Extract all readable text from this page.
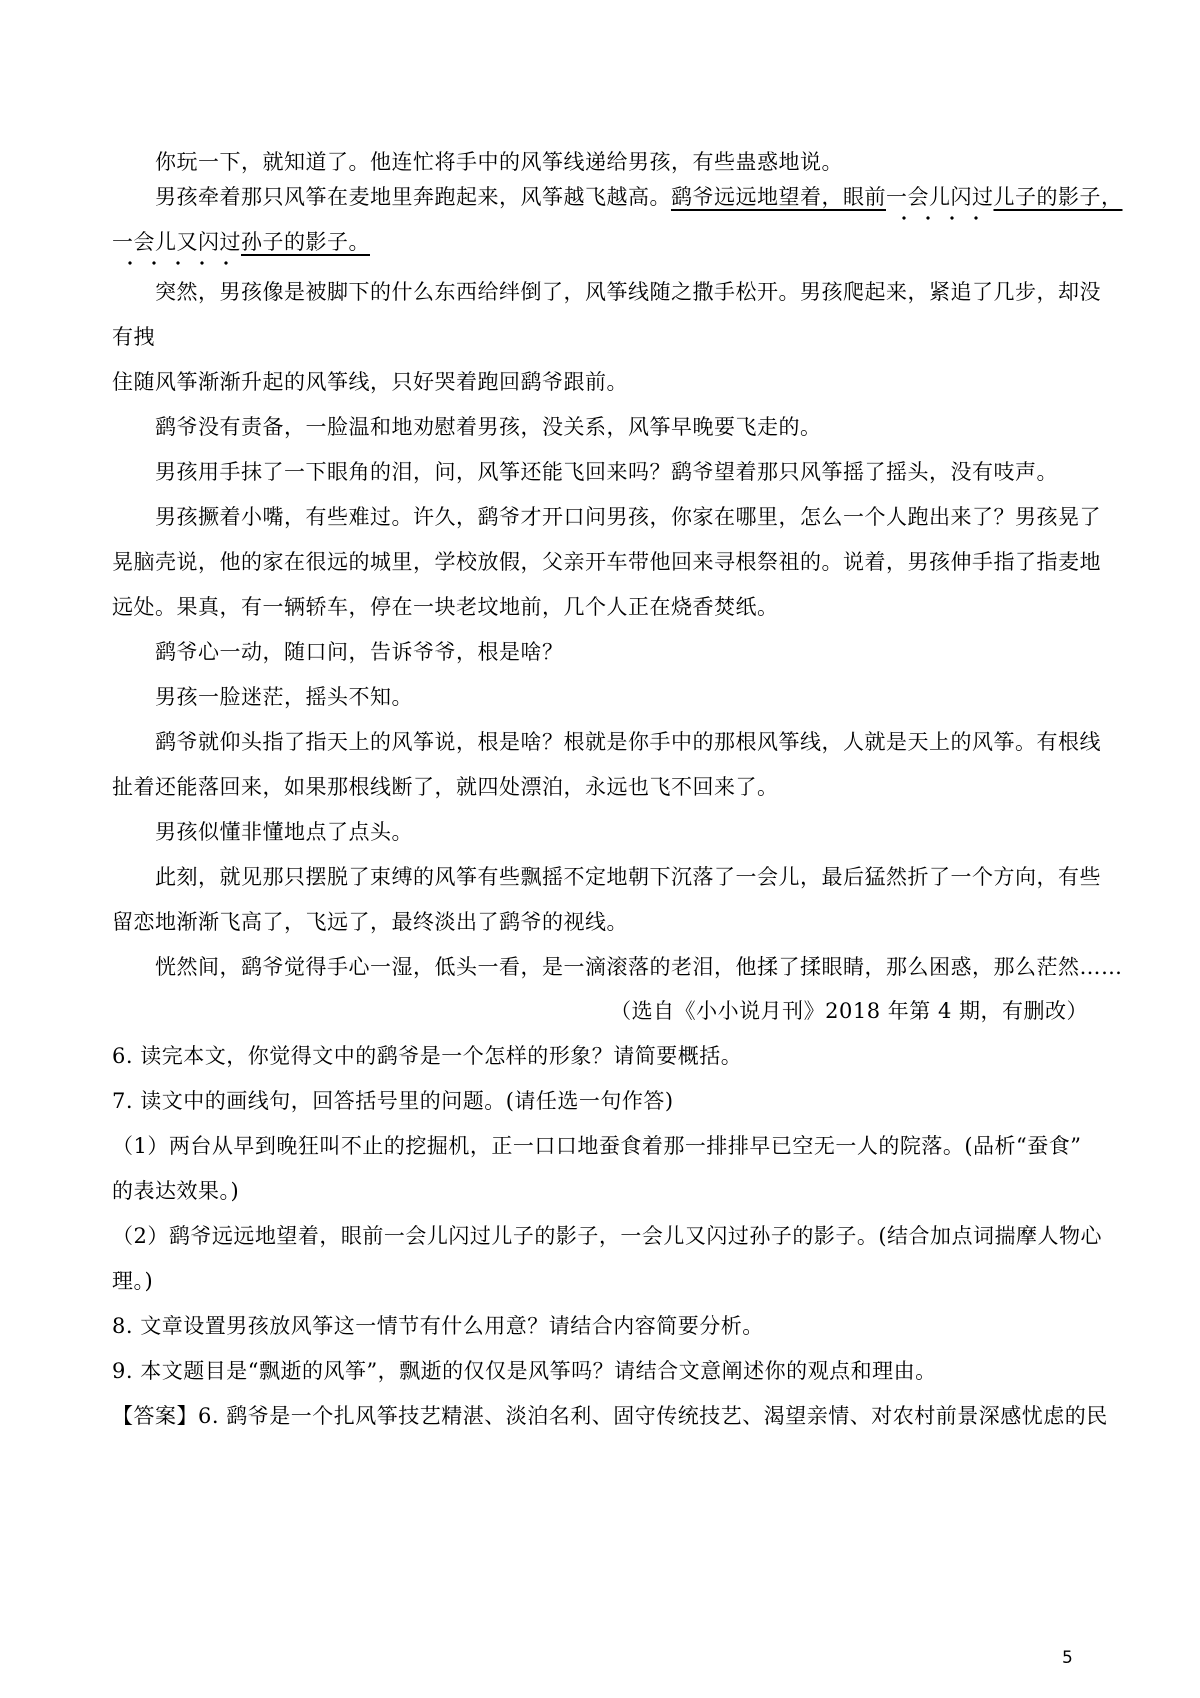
你玩一下，就知道了。他连忙将手中的风筝线递给男孩，有些蛊惑地说。
男孩牵着那只风筝在麦地里奔跑起来，风筝越飞越高。鹞爷远远地望着，眼前一会儿闪过儿子的影子，
一会儿又闪过孙子的影子。
突然，男孩像是被脚下的什么东西给绊倒了，风筝线随之撒手松开。男孩爬起来，紧追了几步，却没
有拽
住随风筝渐渐升起的风筝线，只好哭着跑回鹞爷跟前。
鹞爷没有责备，一脸温和地劝慰着男孩，没关系，风筝早晚要飞走的。
男孩用手抹了一下眼角的泪，问，风筝还能飞回来吗？鹞爷望着那只风筝摇了摇头，没有吱声。
男孩撅着小嘴，有些难过。许久，鹞爷才开口问男孩，你家在哪里，怎么一个人跑出来了？男孩晃了
晃脑壳说，他的家在很远的城里，学校放假，父亲开车带他回来寻根祭祖的。说着，男孩伸手指了指麦地
远处。果真，有一辆轿车，停在一块老坟地前，几个人正在烧香焚纸。
鹞爷心一动，随口问，告诉爷爷，根是啥？
男孩一脸迷茫，摇头不知。
鹞爷就仰头指了指天上的风筝说，根是啥？根就是你手中的那根风筝线，人就是天上的风筝。有根线
扯着还能落回来，如果那根线断了，就四处漂泊，永远也飞不回来了。
男孩似懂非懂地点了点头。
此刻，就见那只摆脱了束缚的风筝有些飘摇不定地朝下沉落了一会儿，最后猛然折了一个方向，有些
留恋地渐渐飞高了，飞远了，最终淡出了鹞爷的视线。
恍然间，鹞爷觉得手心一湿，低头一看，是一滴滚落的老泪，他揉了揉眼睛，那么困惑，那么茫然……
（选自《小小说月刊》2018 年第 4 期，有删改）
6. 读完本文，你觉得文中的鹞爷是一个怎样的形象？请简要概括。
7. 读文中的画线句，回答括号里的问题。(请任选一句作答)
（1）两台从早到晚狂叫不止的挖掘机，正一口口地蚕食着那一排排早已空无一人的院落。(品析“蚕食”
的表达效果。)
（2）鹞爷远远地望着，眼前一会儿闪过儿子的影子，一会儿又闪过孙子的影子。(结合加点词揣摩人物心
理。)
8. 文章设置男孩放风筝这一情节有什么用意？请结合内容简要分析。
9. 本文题目是“飘逝的风筝”，飘逝的仅仅是风筝吗？请结合文意阐述你的观点和理由。
【答案】6. 鹞爷是一个扎风筝技艺精湛、淡泊名利、固守传统技艺、渴望亲情、对农村前景深感忧虑的民
5
